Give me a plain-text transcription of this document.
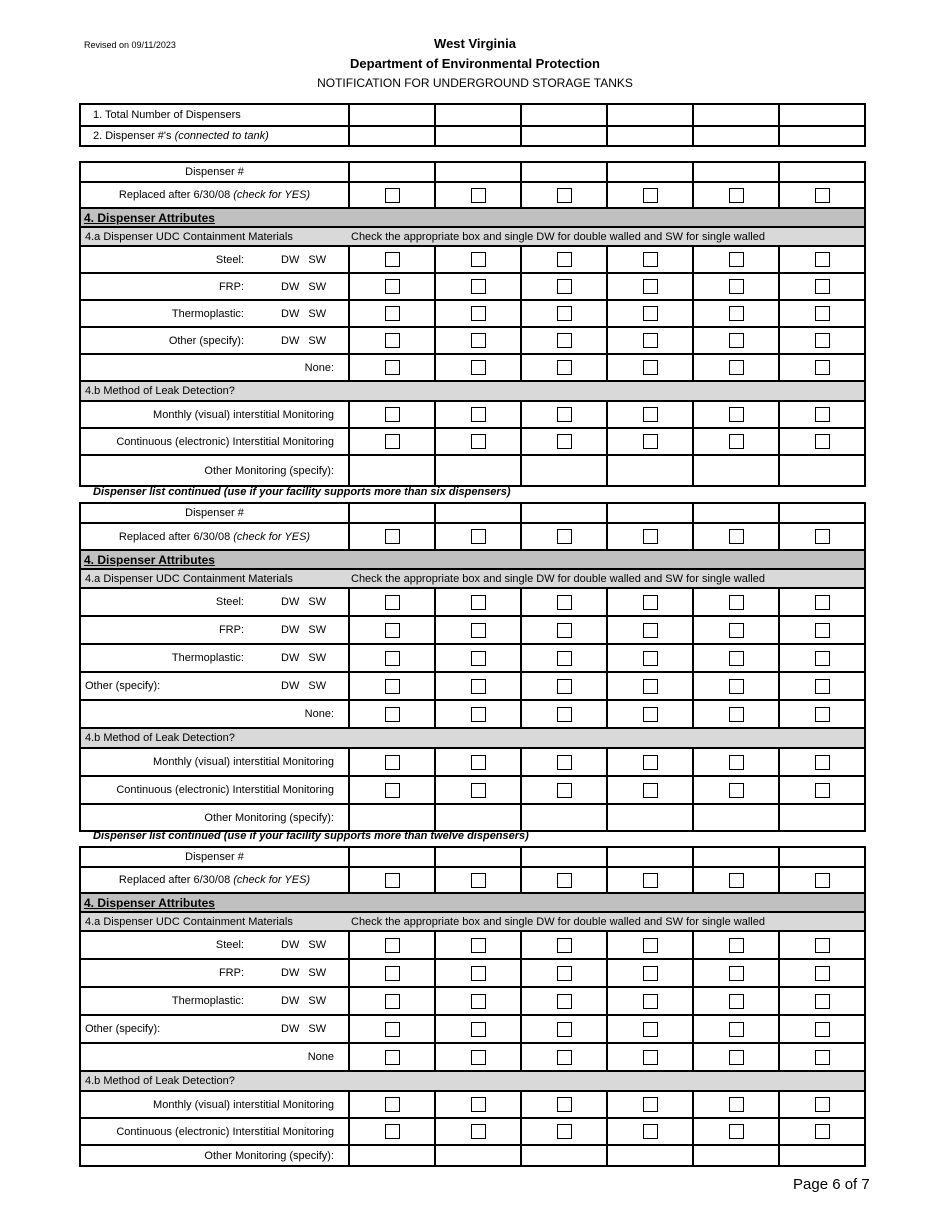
Revised on 09/11/2023	West Virginia
Department of Environmental Protection
NOTIFICATION FOR UNDERGROUND STORAGE TANKS
1. Total Number of Dispensers						
2. Dispenser #'s (connected to tank)						
Dispenser #						
Replaced after 6/30/08 (check for YES)						
4. Dispenser Attributes						
4.a Dispenser UDC Containment Materials Check the appropriate box and single DW for double walled and SW for single walled						

Steel: DW SW						

FRP: DW SW						

Thermoplastic: DW SW						

Other (specify): DW SW						

None:						
4.b Method of Leak Detection?						
Monthly (visual) interstitial Monitoring						
Continuous (electronic) Interstitial Monitoring						
Other Monitoring (specify):						
Dispenser list continued (use if your facility supports more than six dispensers)
Dispenser #						
Replaced after 6/30/08 (check for YES)						
4. Dispenser Attributes						
4.a Dispenser UDC Containment Materials Check the appropriate box and single DW for double walled and SW for single walled						

Steel: DW SW						

FRP: DW SW						

Thermoplastic: DW SW						

Other (specify): DW SW						

None:						
4.b Method of Leak Detection?						
Monthly (visual) interstitial Monitoring						
Continuous (electronic) Interstitial Monitoring						
Other Monitoring (specify):						
Dispenser list continued (use if your facility supports more than twelve dispensers)
Dispenser #						
Replaced after 6/30/08 (check for YES)						
4. Dispenser Attributes						
4.a Dispenser UDC Containment Materials Check the appropriate box and single DW for double walled and SW for single walled						

Steel: DW SW						

FRP: DW SW						

Thermoplastic: DW SW						

Other (specify): DW SW						

None						
4.b Method of Leak Detection?						
Monthly (visual) interstitial Monitoring						
Continuous (electronic) Interstitial Monitoring						
Other Monitoring (specify):						
Page 6 of 7
